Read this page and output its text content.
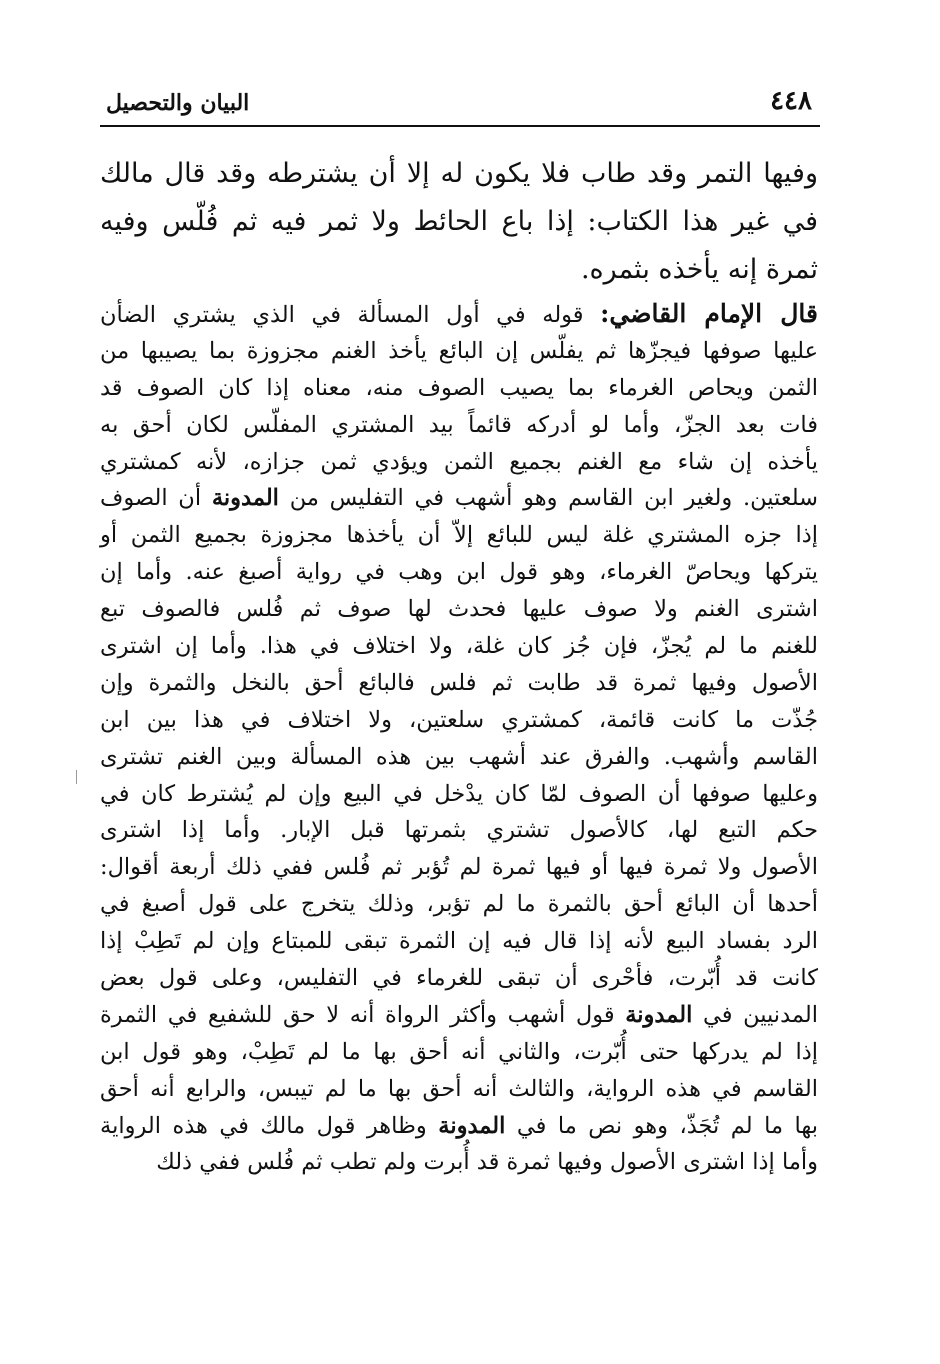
٤٤٨
البيان والتحصيل
وفيها التمر وقد طاب فلا يكون له إلا أن يشترطه وقد قال مالك
في غير هذا الكتاب: إذا باع الحائط ولا ثمر فيه ثم فُلّس وفيه
ثمرة إنه يأخذه بثمره.
قال الإمام القاضي: قوله في أول المسألة في الذي يشتري الضأن
عليها صوفها فيجزّها ثم يفلّس إن البائع يأخذ الغنم مجزوزة بما يصيبها من
الثمن ويحاص الغرماء بما يصيب الصوف منه، معناه إذا كان الصوف قد
فات بعد الجزّ، وأما لو أدركه قائماً بيد المشتري المفلّس لكان أحق به
يأخذه إن شاء مع الغنم بجميع الثمن ويؤدي ثمن جزازه، لأنه كمشتري
سلعتين. ولغير ابن القاسم وهو أشهب في التفليس من المدونة أن الصوف
إذا جزه المشتري غلة ليس للبائع إلاّ أن يأخذها مجزوزة بجميع الثمن أو
يتركها ويحاصّ الغرماء، وهو قول ابن وهب في رواية أصبغ عنه. وأما إن
اشترى الغنم ولا صوف عليها فحدث لها صوف ثم فُلس فالصوف تبع
للغنم ما لم يُجزّ، فإن جُز كان غلة، ولا اختلاف في هذا. وأما إن اشترى
الأصول وفيها ثمرة قد طابت ثم فلس فالبائع أحق بالنخل والثمرة وإن
جُذّت ما كانت قائمة، كمشتري سلعتين، ولا اختلاف في هذا بين ابن
القاسم وأشهب. والفرق عند أشهب بين هذه المسألة وبين الغنم تشترى
وعليها صوفها أن الصوف لمّا كان يدْخل في البيع وإن لم يُشترط كان في
حكم التبع لها، كالأصول تشتري بثمرتها قبل الإبار. وأما إذا اشترى
الأصول ولا ثمرة فيها أو فيها ثمرة لم تُؤبر ثم فُلس ففي ذلك أربعة أقوال:
أحدها أن البائع أحق بالثمرة ما لم تؤبر، وذلك يتخرج على قول أصبغ في
الرد بفساد البيع لأنه إذا قال فيه إن الثمرة تبقى للمبتاع وإن لم تَطِبْ إذا
كانت قد أُبّرت، فأحْرى أن تبقى للغرماء في التفليس، وعلى قول بعض
المدنيين في المدونة قول أشهب وأكثر الرواة أنه لا حق للشفيع في الثمرة
إذا لم يدركها حتى أُبّرت، والثاني أنه أحق بها ما لم تَطِبْ، وهو قول ابن
القاسم في هذه الرواية، والثالث أنه أحق بها ما لم تيبس، والرابع أنه أحق
بها ما لم تُجَذّ، وهو نص ما في المدونة وظاهر قول مالك في هذه الرواية
وأما إذا اشترى الأصول وفيها ثمرة قد أُبرت ولم تطب ثم فُلس ففي ذلك
